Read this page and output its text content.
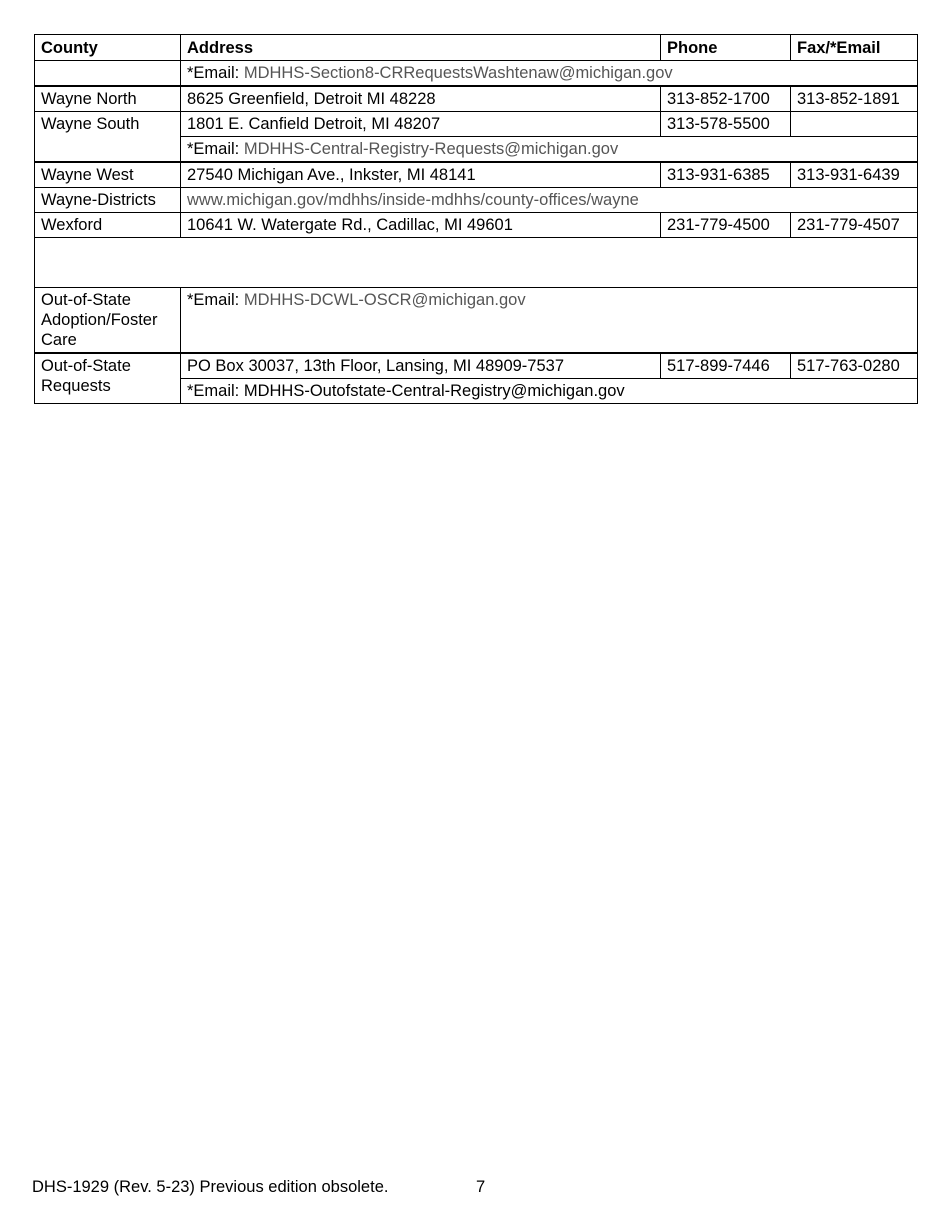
County	Address	Phone	Fax/*Email
	*Email: MDHHS-Section8-CRRequestsWashtenaw@michigan.gov		
Wayne North	8625 Greenfield, Detroit MI 48228	313-852-1700	313-852-1891
Wayne South	1801 E. Canfield Detroit, MI 48207	313-578-5500	
	*Email: MDHHS-Central-Registry-Requests@michigan.gov		
Wayne West	27540 Michigan Ave., Inkster, MI 48141	313-931-6385	313-931-6439
Wayne-Districts	www.michigan.gov/mdhhs/inside-mdhhs/county-offices/wayne		
Wexford	10641 W. Watergate Rd., Cadillac, MI 49601	231-779-4500	231-779-4507

Out-of-State Adoption/Foster Care	*Email: MDHHS-DCWL-OSCR@michigan.gov		
Out-of-State Requests	PO Box 30037, 13th Floor, Lansing, MI 48909-7537	517-899-7446	517-763-0280
	*Email: MDHHS-Outofstate-Central-Registry@michigan.gov		
DHS-1929 (Rev. 5-23) Previous edition obsolete.	7
